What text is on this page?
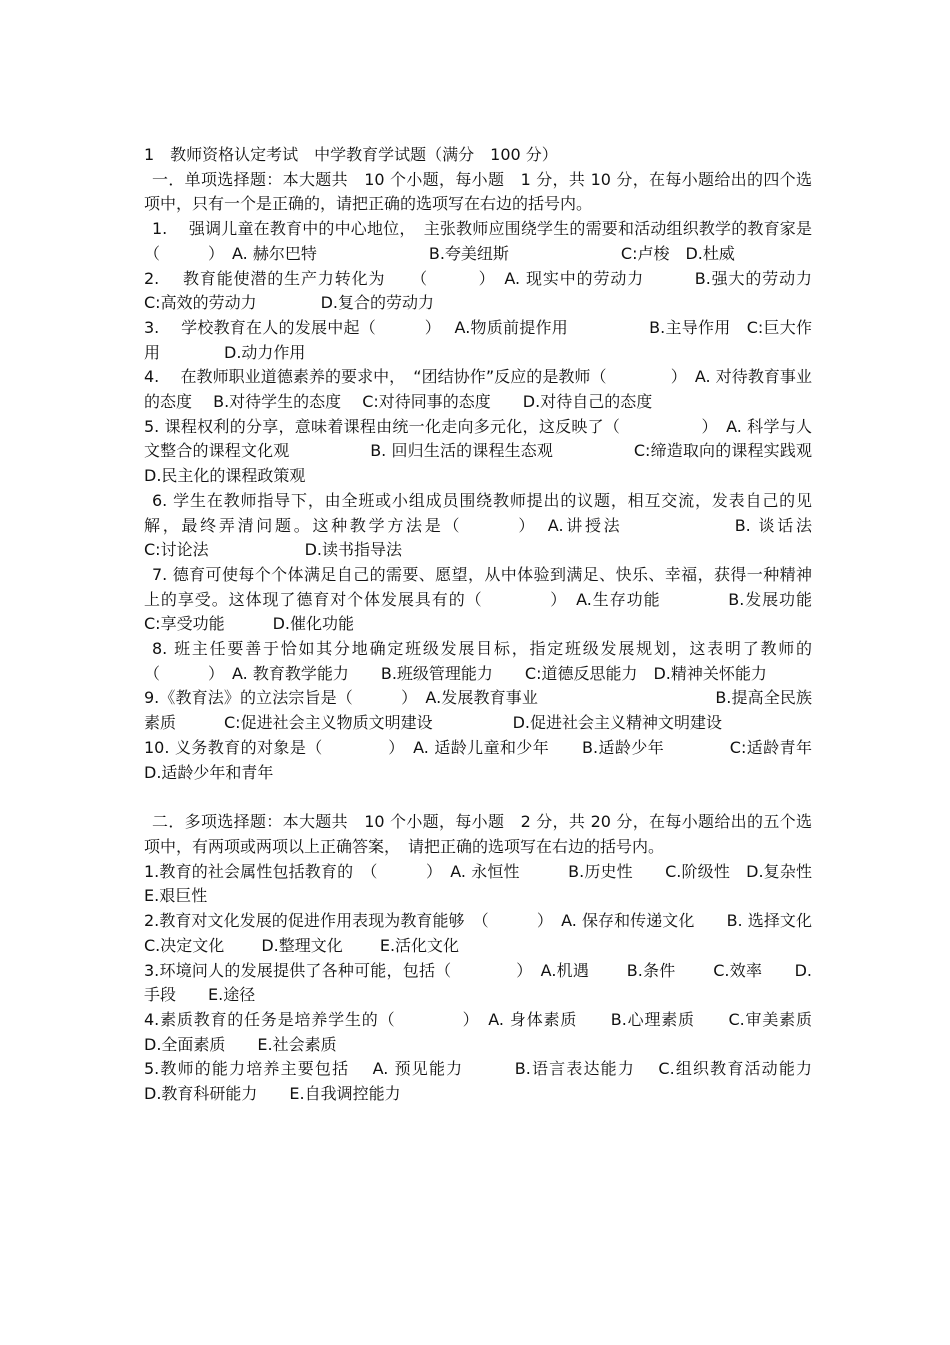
1　教师资格认定考试　中学教育学试题（满分　100 分）

一．单项选择题：本大题共　10 个小题，每小题　1 分，共 10 分，在每小题给出的四个选项中，只有一个是正确的，请把正确的选项写在右边的括号内。

1.　 强调儿童在教育中的中心地位，　主张教师应围绕学生的需要和活动组织教学的教育家是（　　　）　A. 赫尔巴特　　　　　　　B.夸美纽斯　　　　　　　C:卢梭　D.杜威

2.　 教育能使潜的生产力转化为　　（　　　）　A. 现实中的劳动力　　　B.强大的劳动力　　　C:高效的劳动力　　　　D.复合的劳动力

3.　 学校教育在人的发展中起（　　　）　 A.物质前提作用　　　　　B.主导作用　C:巨大作用　　　　D.动力作用

4.　 在教师职业道德素养的要求中，　“团结协作”反应的是教师（　　　　）　A. 对待教育事业的态度　 B.对待学生的态度　 C:对待同事的态度　　D.对待自己的态度

5. 课程权利的分享，意味着课程由统一化走向多元化，这反映了（　　　　　）　A. 科学与人文整合的课程文化观　　　　　B. 回归生活的课程生态观　　　　　C:缔造取向的课程实践观　　　　　　　　D.民主化的课程政策观

6. 学生在教师指导下，由全班或小组成员围绕教师提出的议题，相互交流，发表自己的见解，最终弄清问题。这种教学方法是（　　　）　A.讲授法　　　　　　B. 谈话法　　　　　C:讨论法　　　　　　D.读书指导法

7. 德育可使每个个体满足自己的需要、愿望，从中体验到满足、快乐、幸福，获得一种精神上的享受。这体现了德育对个体发展具有的（　　　　）　A.生存功能　　　　B.发展功能　　　C:享受功能　　　D.催化功能

8. 班主任要善于恰如其分地确定班级发展目标，指定班级发展规划，这表明了教师的（　　　）　A. 教育教学能力　　B.班级管理能力　　C:道德反思能力　D.精神关怀能力

9.《教育法》的立法宗旨是（　　　）　A.发展教育事业　　　　　　　　　　　B.提高全民族素质　　　C:促进社会主义物质文明建设　　　　　D.促进社会主义精神文明建设

10. 义务教育的对象是（　　　　）　A. 适龄儿童和少年　　B.适龄少年　　　　C:适龄青年　　　　D.适龄少年和青年

二．多项选择题：本大题共　10 个小题，每小题　2 分，共 20 分，在每小题给出的五个选项中，有两项或两项以上正确答案，　请把正确的选项写在右边的括号内。

1.教育的社会属性包括教育的　（　　　）　A. 永恒性　　　B.历史性　　C.阶级性　D.复杂性　　E.艰巨性

2.教育对文化发展的促进作用表现为教育能够　（　　　）　A. 保存和传递文化　　B. 选择文化　　 C.决定文化　　 D.整理文化　　 E.活化文化

3.环境问人的发展提供了各种可能，包括（　　　　）　A.机遇　　 B.条件　　 C.效率　　D.手段　　E.途径

4.素质教育的任务是培养学生的（　　　　）　A. 身体素质　　B.心理素质　　C.审美素质　　 D.全面素质　　E.社会素质

5.教师的能力培养主要包括　 A. 预见能力　　　B.语言表达能力　 C.组织教育活动能力　　D.教育科研能力　　E.自我调控能力
